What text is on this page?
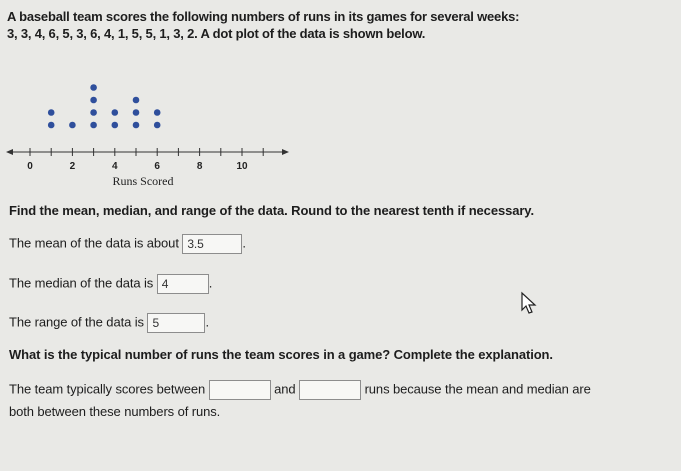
A baseball team scores the following numbers of runs in its games for several weeks:
3, 3, 4, 6, 5, 3, 6, 4, 1, 5, 5, 1, 3, 2. A dot plot of the data is shown below.
0	2	4	6	8	10
Runs Scored
Find the mean, median, and range of the data. Round to the nearest tenth if necessary.
The mean of the data is about 3.5	.
The median of the data is 4	.
The range of the data is 5	.
What is the typical number of runs the team scores in a game? Complete the explanation.
The team typically scores between	and	runs because the mean and median are
both between these numbers of runs.
